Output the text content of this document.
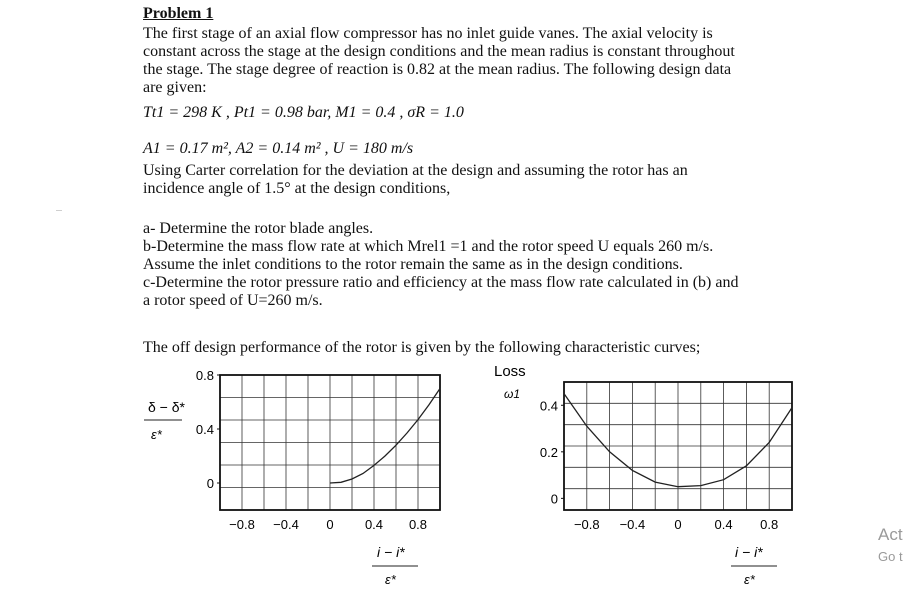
Problem 1
The first stage of an axial flow compressor has no inlet guide vanes. The axial velocity is
constant across the stage at the design conditions and the mean radius is constant throughout
the stage. The stage degree of reaction is 0.82 at the mean radius. The following design data
are given:
Tt1 = 298 K , Pt1 = 0.98 bar, M1 = 0.4 , σR = 1.0
A1 = 0.17 m², A2 = 0.14 m² , U = 180 m/s
Using Carter correlation for the deviation at the design and assuming the rotor has an
incidence angle of 1.5° at the design conditions,
a- Determine the rotor blade angles.
b-Determine the mass flow rate at which Mrel1 =1 and the rotor speed U equals 260 m/s.
Assume the inlet conditions to the rotor remain the same as in the design conditions.
c-Determine the rotor pressure ratio and efficiency at the mass flow rate calculated in (b) and
a rotor speed of U=260 m/s.
The off design performance of the rotor is given by the following characteristic curves;
Act
Go t
0.8
0.4
0
−0.8 −0.4 0 0.4 0.8
δ − δ*
ε*
i − i*
ε*
0.4
0.2
0
−0.8 −0.4 0	0.4 0.8
Loss
ω1
i − i*
ε*
